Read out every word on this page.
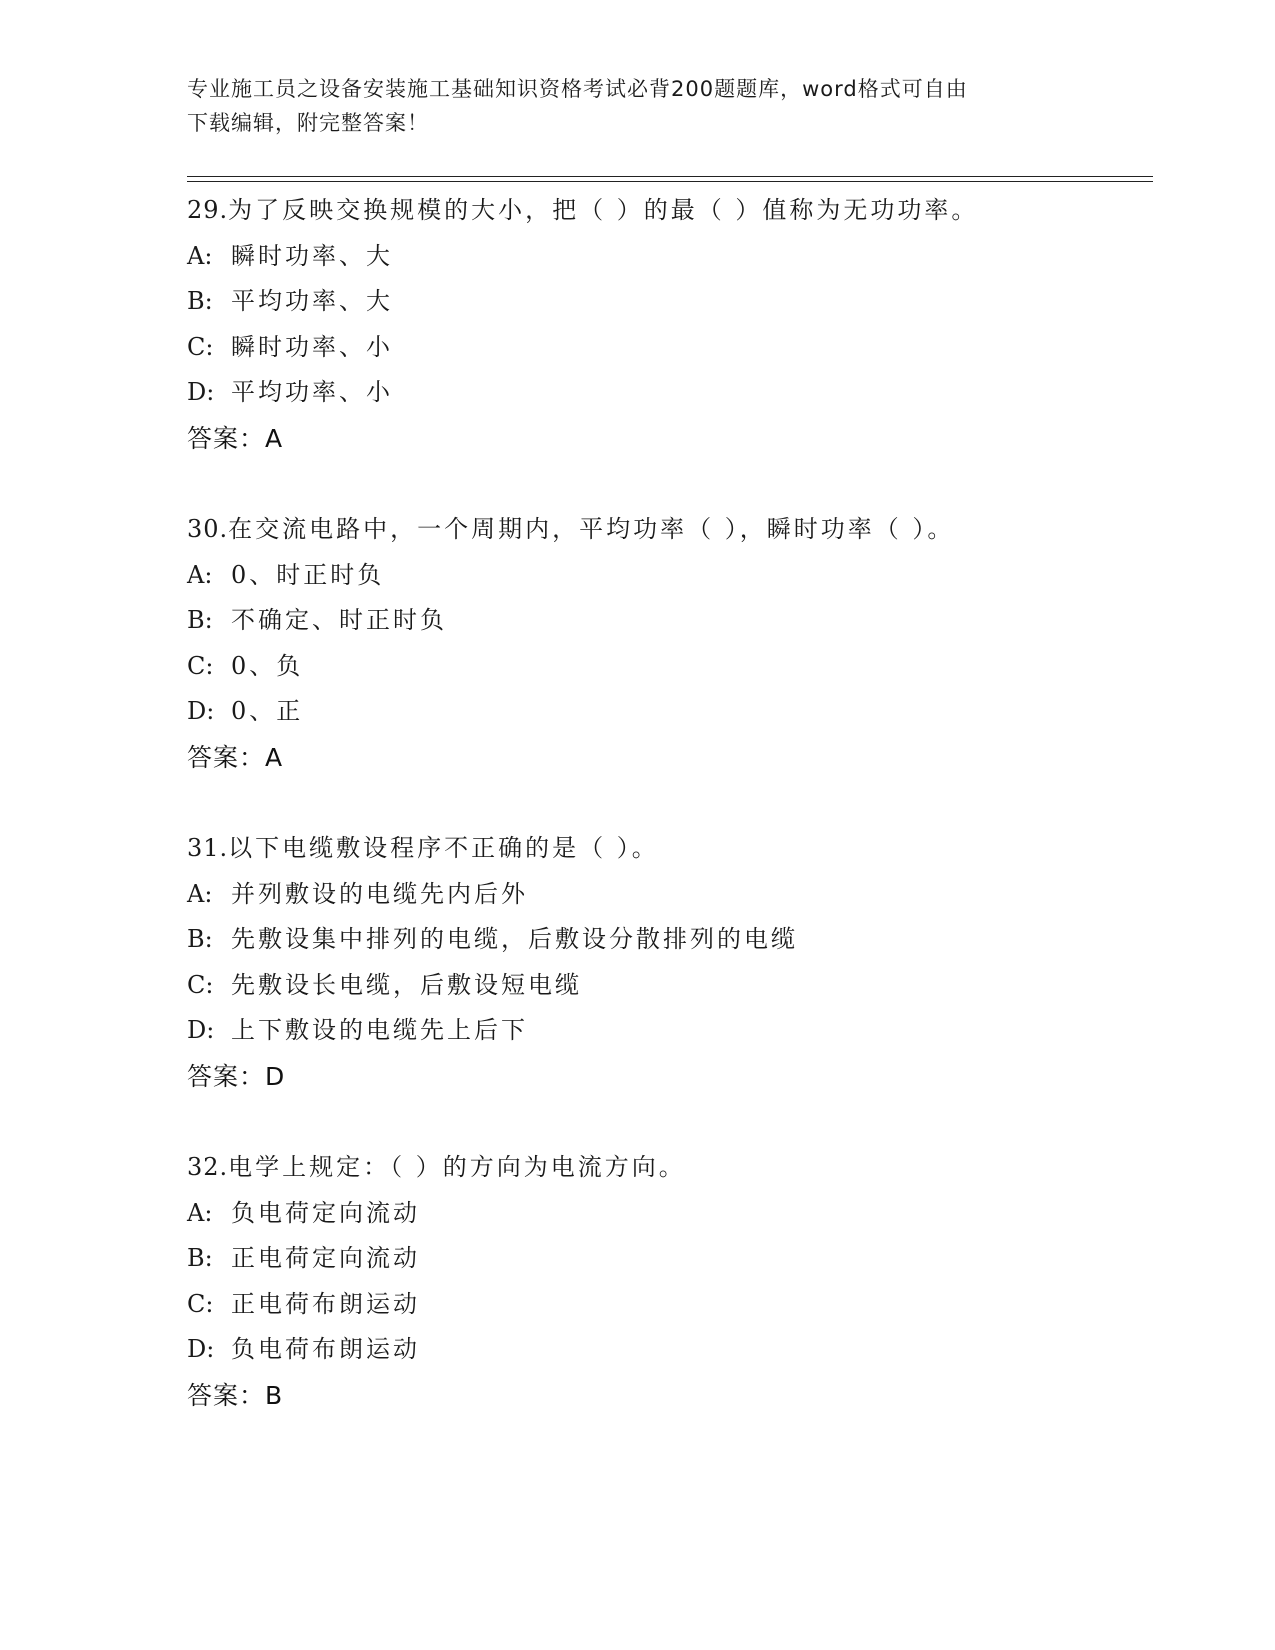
专业施工员之设备安装施工基础知识资格考试必背200题题库，word格式可自由
下载编辑，附完整答案！
29.为了反映交换规模的大小，把（ ）的最（ ）值称为无功功率。
A: 瞬时功率、大
B: 平均功率、大
C: 瞬时功率、小
D: 平均功率、小
答案：A
30.在交流电路中，一个周期内，平均功率（ ），瞬时功率（ ）。
A: 0、时正时负
B: 不确定、时正时负
C: 0、负
D: 0、正
答案：A
31.以下电缆敷设程序不正确的是（ ）。
A: 并列敷设的电缆先内后外
B: 先敷设集中排列的电缆，后敷设分散排列的电缆
C: 先敷设长电缆，后敷设短电缆
D: 上下敷设的电缆先上后下
答案：D
32.电学上规定：（ ）的方向为电流方向。
A: 负电荷定向流动
B: 正电荷定向流动
C: 正电荷布朗运动
D: 负电荷布朗运动
答案：B
